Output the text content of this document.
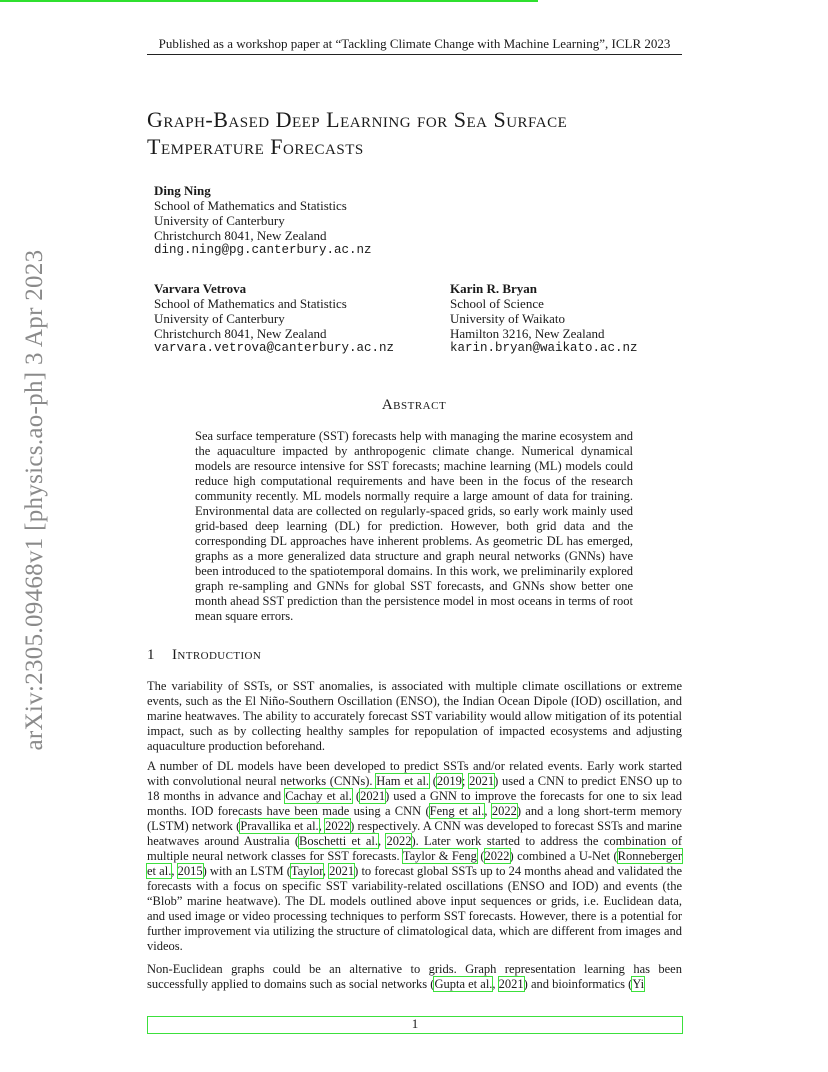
Published as a workshop paper at “Tackling Climate Change with Machine Learning”, ICLR 2023
arXiv:2305.09468v1 [physics.ao-ph] 3 Apr 2023
Graph-Based Deep Learning for Sea Surface
Temperature Forecasts
Ding Ning
School of Mathematics and Statistics
University of Canterbury
Christchurch 8041, New Zealand
ding.ning@pg.canterbury.ac.nz
Varvara Vetrova
School of Mathematics and Statistics
University of Canterbury
Christchurch 8041, New Zealand
varvara.vetrova@canterbury.ac.nz
Karin R. Bryan
School of Science
University of Waikato
Hamilton 3216, New Zealand
karin.bryan@waikato.ac.nz
Abstract
Sea surface temperature (SST) forecasts help with managing the marine ecosystem and the aquaculture impacted by anthropogenic climate change. Numerical dynamical models are resource intensive for SST forecasts; machine learning (ML) models could reduce high computational requirements and have been in the focus of the research community recently. ML models normally require a large amount of data for training. Environmental data are collected on regularly-spaced grids, so early work mainly used grid-based deep learning (DL) for prediction. However, both grid data and the corresponding DL approaches have inherent problems. As geometric DL has emerged, graphs as a more generalized data structure and graph neural networks (GNNs) have been introduced to the spatiotemporal domains. In this work, we preliminarily explored graph re-sampling and GNNs for global SST forecasts, and GNNs show better one month ahead SST prediction than the persistence model in most oceans in terms of root mean square errors.
1 Introduction
The variability of SSTs, or SST anomalies, is associated with multiple climate oscillations or extreme events, such as the El Niño-Southern Oscillation (ENSO), the Indian Ocean Dipole (IOD) oscillation, and marine heatwaves. The ability to accurately forecast SST variability would allow mitigation of its potential impact, such as by collecting healthy samples for repopulation of impacted ecosystems and adjusting aquaculture production beforehand.
A number of DL models have been developed to predict SSTs and/or related events. Early work started with convolutional neural networks (CNNs). Ham et al. (2019; 2021) used a CNN to predict ENSO up to 18 months in advance and Cachay et al. (2021) used a GNN to improve the forecasts for one to six lead months. IOD forecasts have been made using a CNN (Feng et al., 2022) and a long short-term memory (LSTM) network (Pravallika et al., 2022) respectively. A CNN was developed to forecast SSTs and marine heatwaves around Australia (Boschetti et al., 2022). Later work started to address the combination of multiple neural network classes for SST forecasts. Taylor & Feng (2022) combined a U-Net (Ronneberger et al., 2015) with an LSTM (Taylor, 2021) to forecast global SSTs up to 24 months ahead and validated the forecasts with a focus on specific SST variability-related oscillations (ENSO and IOD) and events (the “Blob” marine heatwave). The DL models outlined above input sequences or grids, i.e. Euclidean data, and used image or video processing techniques to perform SST forecasts. However, there is a potential for further improvement via utilizing the structure of climatological data, which are different from images and videos.
Non-Euclidean graphs could be an alternative to grids. Graph representation learning has been successfully applied to domains such as social networks (Gupta et al., 2021) and bioinformatics (Yi
1
